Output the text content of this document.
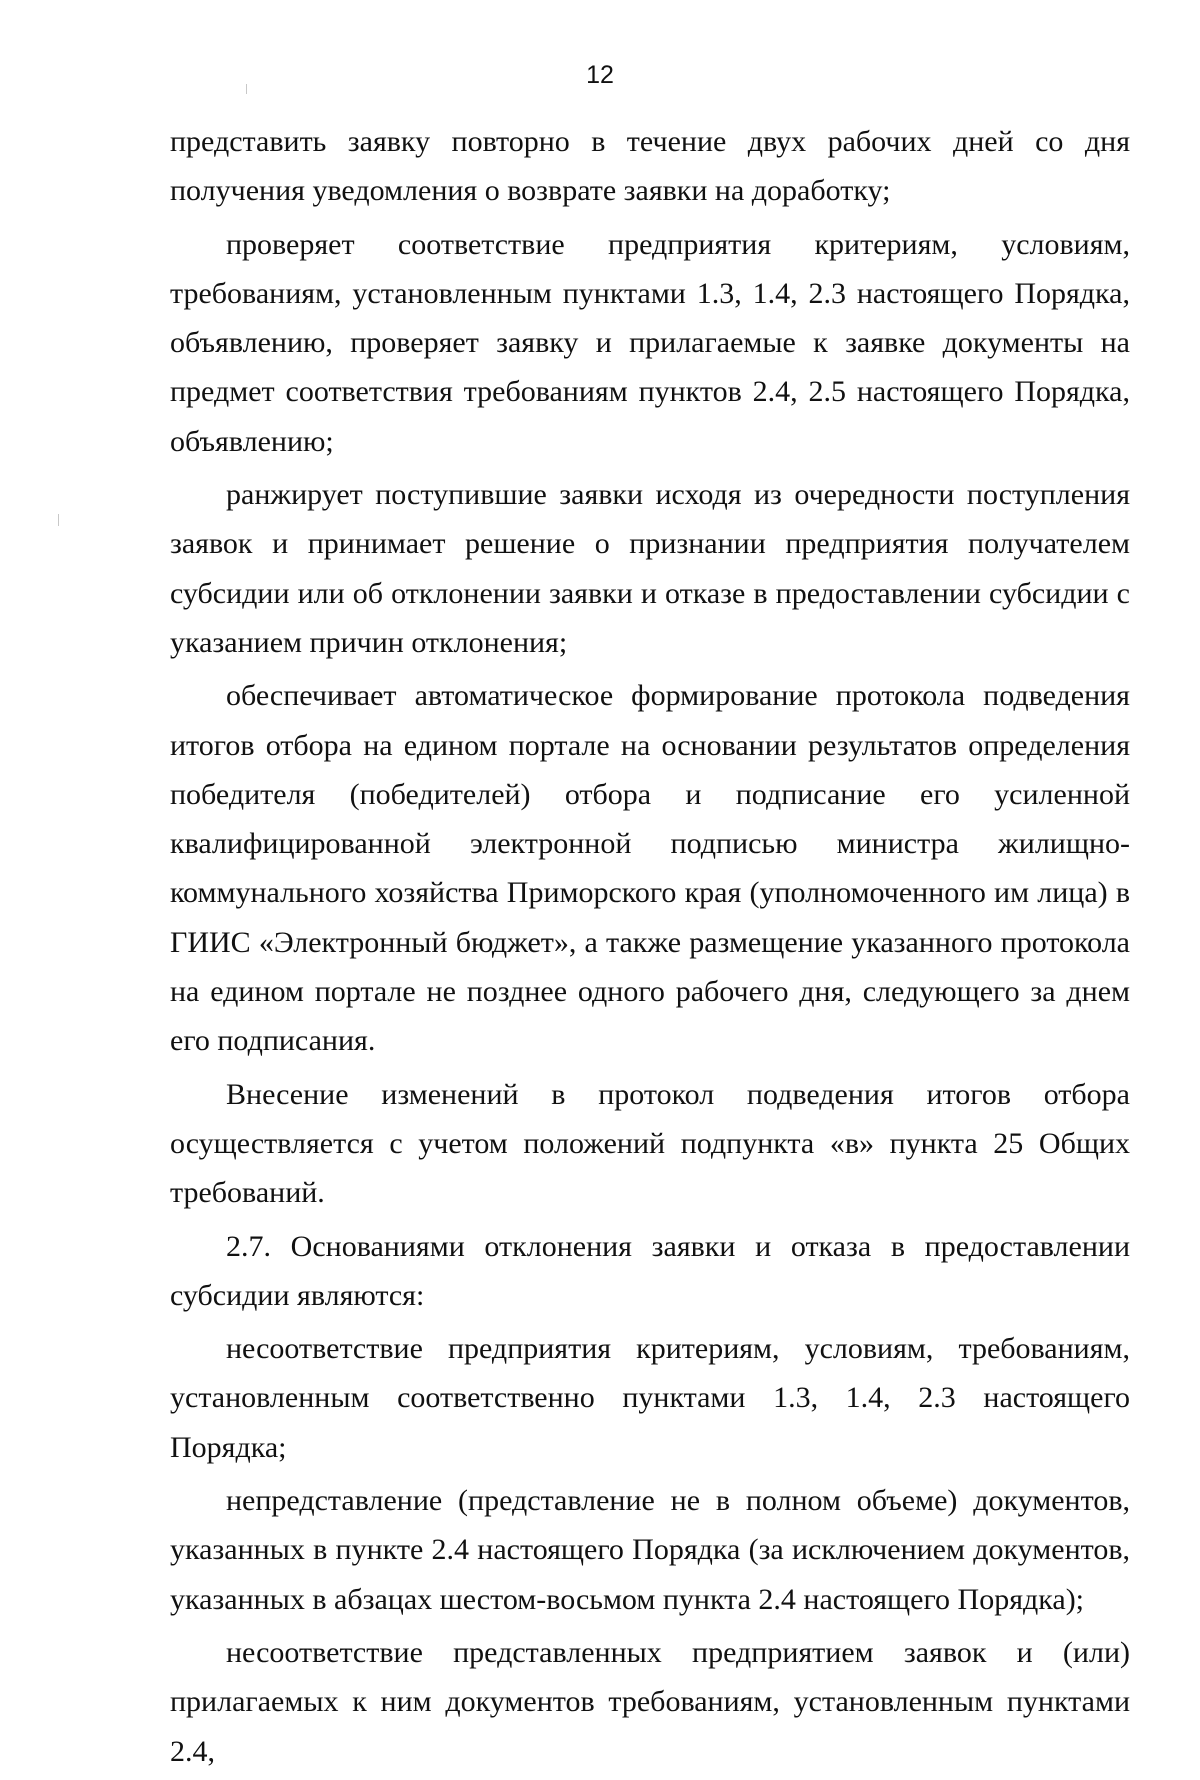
12

представить заявку повторно в течение двух рабочих дней со дня получения уведомления о возврате заявки на доработку;

проверяет соответствие предприятия критериям, условиям, требованиям, установленным пунктами 1.3, 1.4, 2.3 настоящего Порядка, объявлению, проверяет заявку и прилагаемые к заявке документы на предмет соответствия требованиям пунктов 2.4, 2.5 настоящего Порядка, объявлению;

ранжирует поступившие заявки исходя из очередности поступления заявок и принимает решение о признании предприятия получателем субсидии или об отклонении заявки и отказе в предоставлении субсидии с указанием причин отклонения;

обеспечивает автоматическое формирование протокола подведения итогов отбора на едином портале на основании результатов определения победителя (победителей) отбора и подписание его усиленной квалифицированной электронной подписью министра жилищно-коммунального хозяйства Приморского края (уполномоченного им лица) в ГИИС «Электронный бюджет», а также размещение указанного протокола на едином портале не позднее одного рабочего дня, следующего за днем его подписания.

Внесение изменений в протокол подведения итогов отбора осуществляется с учетом положений подпункта «в» пункта 25 Общих требований.

2.7. Основаниями отклонения заявки и отказа в предоставлении субсидии являются:

несоответствие предприятия критериям, условиям, требованиям, установленным соответственно пунктами 1.3, 1.4, 2.3 настоящего Порядка;

непредставление (представление не в полном объеме) документов, указанных в пункте 2.4 настоящего Порядка (за исключением документов, указанных в абзацах шестом-восьмом пункта 2.4 настоящего Порядка);

несоответствие представленных предприятием заявок и (или) прилагаемых к ним документов требованиям, установленным пунктами 2.4,
